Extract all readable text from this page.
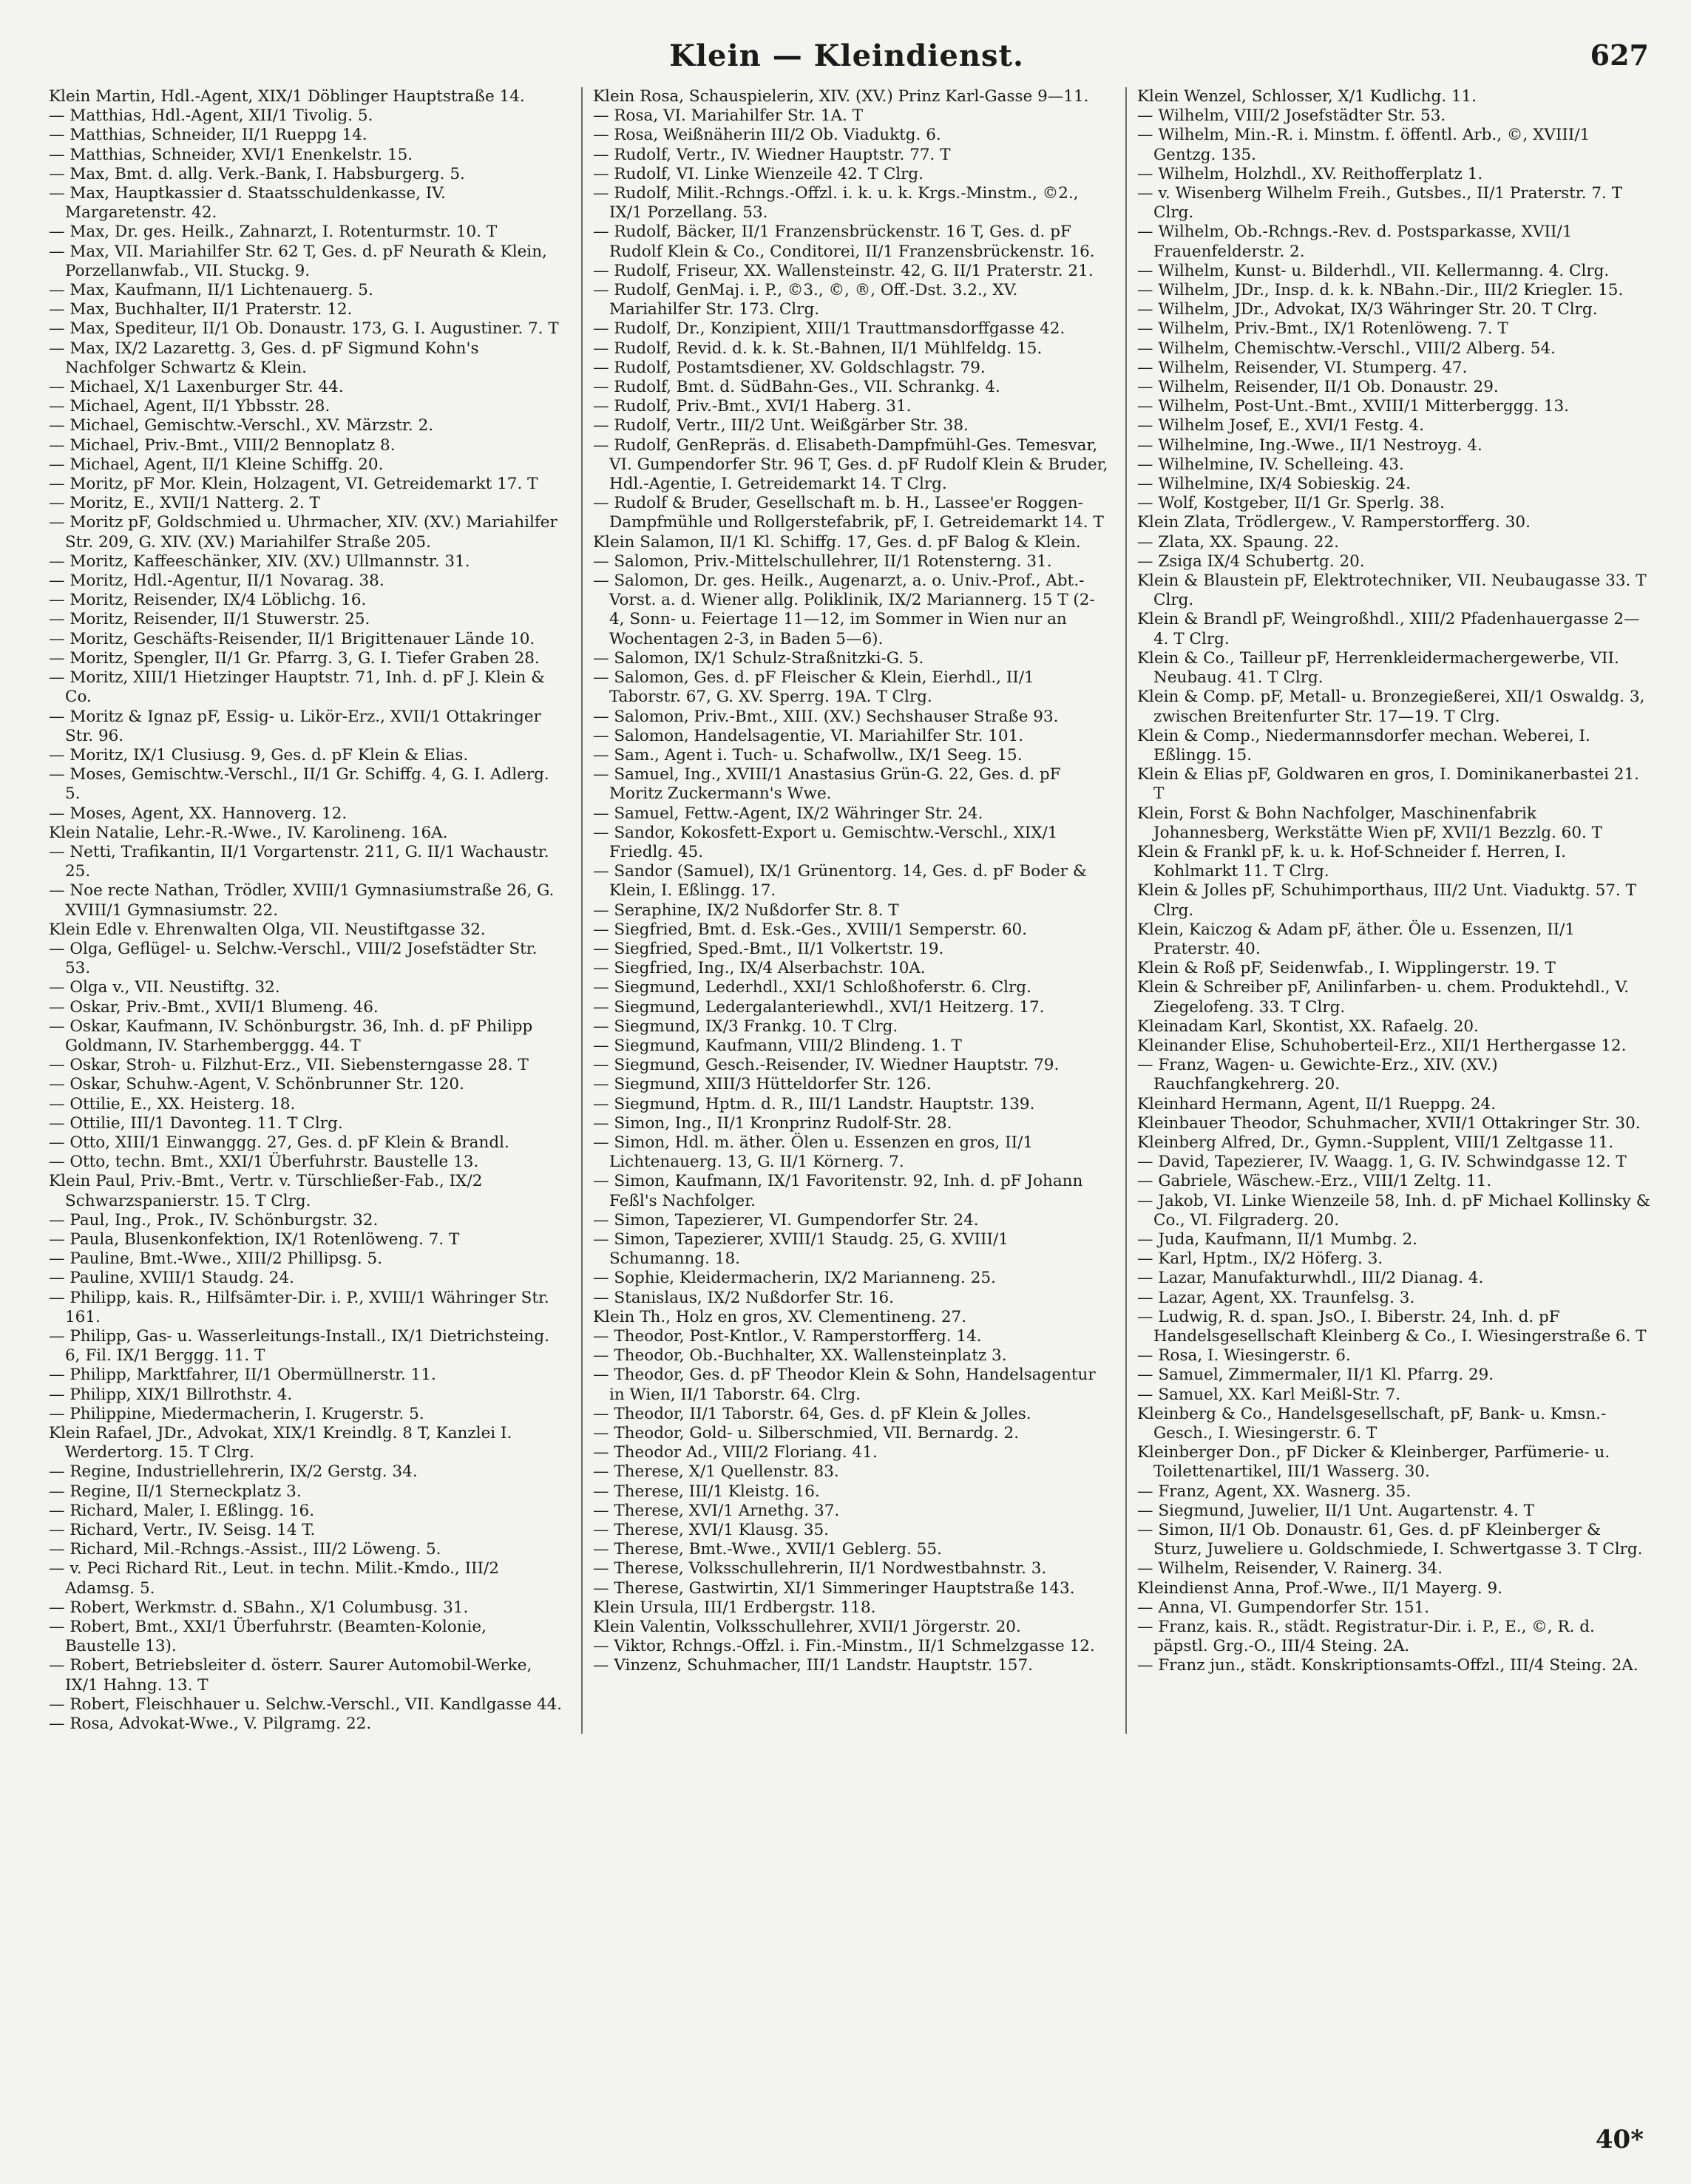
Klein — Kleindienst.	627
Klein Martin, Hdl.-Agent, XIX/1 Döblinger Hauptstraße 14.
— Matthias, Hdl.-Agent, XII/1 Tivolig. 5.
— Matthias, Schneider, II/1 Rueppg 14.
— Matthias, Schneider, XVI/1 Enenkelstr. 15.
— Max, Bmt. d. allg. Verk.-Bank, I. Habsburgerg. 5.
— Max, Hauptkassier d. Staatsschuldenkasse, IV. Margaretenstr. 42.
— Max, Dr. ges. Heilk., Zahnarzt, I. Rotenturmstr. 10. T
— Max, VII. Mariahilfer Str. 62 T, Ges. d. pF Neurath & Klein, Porzellanwfab., VII. Stuckg. 9.
— Max, Kaufmann, II/1 Lichtenauerg. 5.
— Max, Buchhalter, II/1 Praterstr. 12.
— Max, Spediteur, II/1 Ob. Donaustr. 173, G. I. Augustiner. 7. T
— Max, IX/2 Lazarettg. 3, Ges. d. pF Sigmund Kohn's Nachfolger Schwartz & Klein.
— Michael, X/1 Laxenburger Str. 44.
— Michael, Agent, II/1 Ybbsstr. 28.
— Michael, Gemischtw.-Verschl., XV. Märzstr. 2.
— Michael, Priv.-Bmt., VIII/2 Bennoplatz 8.
— Michael, Agent, II/1 Kleine Schiffg. 20.
— Moritz, pF Mor. Klein, Holzagent, VI. Getreidemarkt 17. T
— Moritz, E., XVII/1 Natterg. 2. T
— Moritz pF, Goldschmied u. Uhrmacher, XIV. (XV.) Mariahilfer Str. 209, G. XIV. (XV.) Mariahilfer Straße 205.
— Moritz, Kaffeeschänker, XIV. (XV.) Ullmannstr. 31.
— Moritz, Hdl.-Agentur, II/1 Novarag. 38.
— Moritz, Reisender, IX/4 Löblichg. 16.
— Moritz, Reisender, II/1 Stuwerstr. 25.
— Moritz, Geschäfts-Reisender, II/1 Brigittenauer Lände 10.
— Moritz, Spengler, II/1 Gr. Pfarrg. 3, G. I. Tiefer Graben 28.
— Moritz, XIII/1 Hietzinger Hauptstr. 71, Inh. d. pF J. Klein & Co.
— Moritz & Ignaz pF, Essig- u. Likör-Erz., XVII/1 Ottakringer Str. 96.
— Moritz, IX/1 Clusiusg. 9, Ges. d. pF Klein & Elias.
— Moses, Gemischtw.-Verschl., II/1 Gr. Schiffg. 4, G. I. Adlerg. 5.
— Moses, Agent, XX. Hannoverg. 12.
Klein Natalie, Lehr.-R.-Wwe., IV. Karolineng. 16A.
— Netti, Trafikantin, II/1 Vorgartenstr. 211, G. II/1 Wachaustr. 25.
— Noe recte Nathan, Trödler, XVIII/1 Gymnasiumstraße 26, G. XVIII/1 Gymnasiumstr. 22.
Klein Edle v. Ehrenwalten Olga, VII. Neustiftgasse 32.
— Olga, Geflügel- u. Selchw.-Verschl., VIII/2 Josefstädter Str. 53.
— Olga v., VII. Neustiftg. 32.
— Oskar, Priv.-Bmt., XVII/1 Blumeng. 46.
— Oskar, Kaufmann, IV. Schönburgstr. 36, Inh. d. pF Philipp Goldmann, IV. Starhemberggg. 44. T
— Oskar, Stroh- u. Filzhut-Erz., VII. Siebensterngasse 28. T
— Oskar, Schuhw.-Agent, V. Schönbrunner Str. 120.
— Ottilie, E., XX. Heisterg. 18.
— Ottilie, III/1 Davonteg. 11. T Clrg.
— Otto, XIII/1 Einwanggg. 27, Ges. d. pF Klein & Brandl.
— Otto, techn. Bmt., XXI/1 Überfuhrstr. Baustelle 13.
Klein Paul, Priv.-Bmt., Vertr. v. Türschließer-Fab., IX/2 Schwarzspanierstr. 15. T Clrg.
— Paul, Ing., Prok., IV. Schönburgstr. 32.
— Paula, Blusenkonfektion, IX/1 Rotenlöweng. 7. T
— Pauline, Bmt.-Wwe., XIII/2 Phillipsg. 5.
— Pauline, XVIII/1 Staudg. 24.
— Philipp, kais. R., Hilfsämter-Dir. i. P., XVIII/1 Währinger Str. 161.
— Philipp, Gas- u. Wasserleitungs-Install., IX/1 Dietrichsteing. 6, Fil. IX/1 Berggg. 11. T
— Philipp, Marktfahrer, II/1 Obermüllnerstr. 11.
— Philipp, XIX/1 Billrothstr. 4.
— Philippine, Miedermacherin, I. Krugerstr. 5.
Klein Rafael, JDr., Advokat, XIX/1 Kreindlg. 8 T, Kanzlei I. Werdertorg. 15. T Clrg.
— Regine, Industriellehrerin, IX/2 Gerstg. 34.
— Regine, II/1 Sterneckplatz 3.
— Richard, Maler, I. Eßlingg. 16.
— Richard, Vertr., IV. Seisg. 14 T.
— Richard, Mil.-Rchngs.-Assist., III/2 Löweng. 5.
— v. Peci Richard Rit., Leut. in techn. Milit.-Kmdo., III/2 Adamsg. 5.
— Robert, Werkmstr. d. SBahn., X/1 Columbusg. 31.
— Robert, Bmt., XXI/1 Überfuhrstr. (Beamten-Kolonie, Baustelle 13).
— Robert, Betriebsleiter d. österr. Saurer Automobil-Werke, IX/1 Hahng. 13. T
— Robert, Fleischhauer u. Selchw.-Verschl., VII. Kandlgasse 44.
— Rosa, Advokat-Wwe., V. Pilgramg. 22.
Klein Rosa, Schauspielerin, XIV. (XV.) Prinz Karl-Gasse 9—11.
— Rosa, VI. Mariahilfer Str. 1A. T
— Rosa, Weißnäherin III/2 Ob. Viaduktg. 6.
— Rudolf, Vertr., IV. Wiedner Hauptstr. 77. T
— Rudolf, VI. Linke Wienzeile 42. T Clrg.
— Rudolf, Milit.-Rchngs.-Offzl. i. k. u. k. Krgs.-Minstm., ©2., IX/1 Porzellang. 53.
— Rudolf, Bäcker, II/1 Franzensbrückenstr. 16 T, Ges. d. pF Rudolf Klein & Co., Conditorei, II/1 Franzensbrückenstr. 16.
— Rudolf, Friseur, XX. Wallensteinstr. 42, G. II/1 Praterstr. 21.
— Rudolf, GenMaj. i. P., ©3., ©, ®, Off.-Dst. 3.2., XV. Mariahilfer Str. 173. Clrg.
— Rudolf, Dr., Konzipient, XIII/1 Trauttmansdorffgasse 42.
— Rudolf, Revid. d. k. k. St.-Bahnen, II/1 Mühlfeldg. 15.
— Rudolf, Postamtsdiener, XV. Goldschlagstr. 79.
— Rudolf, Bmt. d. SüdBahn-Ges., VII. Schrankg. 4.
— Rudolf, Priv.-Bmt., XVI/1 Haberg. 31.
— Rudolf, Vertr., III/2 Unt. Weißgärber Str. 38.
— Rudolf, GenRepräs. d. Elisabeth-Dampfmühl-Ges. Temesvar, VI. Gumpendorfer Str. 96 T, Ges. d. pF Rudolf Klein & Bruder, Hdl.-Agentie, I. Getreidemarkt 14. T Clrg.
— Rudolf & Bruder, Gesellschaft m. b. H., Lassee'er Roggen-Dampfmühle und Rollgerstefabrik, pF, I. Getreidemarkt 14. T
Klein Salamon, II/1 Kl. Schiffg. 17, Ges. d. pF Balog & Klein.
— Salomon, Priv.-Mittelschullehrer, II/1 Rotensterng. 31.
— Salomon, Dr. ges. Heilk., Augenarzt, a. o. Univ.-Prof., Abt.-Vorst. a. d. Wiener allg. Poliklinik, IX/2 Mariannerg. 15 T (2-4, Sonn- u. Feiertage 11—12, im Sommer in Wien nur an Wochentagen 2-3, in Baden 5—6).
— Salomon, IX/1 Schulz-Straßnitzki-G. 5.
— Salomon, Ges. d. pF Fleischer & Klein, Eierhdl., II/1 Taborstr. 67, G. XV. Sperrg. 19A. T Clrg.
— Salomon, Priv.-Bmt., XIII. (XV.) Sechshauser Straße 93.
— Salomon, Handelsagentie, VI. Mariahilfer Str. 101.
— Sam., Agent i. Tuch- u. Schafwollw., IX/1 Seeg. 15.
— Samuel, Ing., XVIII/1 Anastasius Grün-G. 22, Ges. d. pF Moritz Zuckermann's Wwe.
— Samuel, Fettw.-Agent, IX/2 Währinger Str. 24.
— Sandor, Kokosfett-Export u. Gemischtw.-Verschl., XIX/1 Friedlg. 45.
— Sandor (Samuel), IX/1 Grünentorg. 14, Ges. d. pF Boder & Klein, I. Eßlingg. 17.
— Seraphine, IX/2 Nußdorfer Str. 8. T
— Siegfried, Bmt. d. Esk.-Ges., XVIII/1 Semperstr. 60.
— Siegfried, Sped.-Bmt., II/1 Volkertstr. 19.
— Siegfried, Ing., IX/4 Alserbachstr. 10A.
— Siegmund, Lederhdl., XXI/1 Schloßhoferstr. 6. Clrg.
— Siegmund, Ledergalanteriewhdl., XVI/1 Heitzerg. 17.
— Siegmund, IX/3 Frankg. 10. T Clrg.
— Siegmund, Kaufmann, VIII/2 Blindeng. 1. T
— Siegmund, Gesch.-Reisender, IV. Wiedner Hauptstr. 79.
— Siegmund, XIII/3 Hütteldorfer Str. 126.
— Siegmund, Hptm. d. R., III/1 Landstr. Hauptstr. 139.
— Simon, Ing., II/1 Kronprinz Rudolf-Str. 28.
— Simon, Hdl. m. äther. Ölen u. Essenzen en gros, II/1 Lichtenauerg. 13, G. II/1 Körnerg. 7.
— Simon, Kaufmann, IX/1 Favoritenstr. 92, Inh. d. pF Johann Feßl's Nachfolger.
— Simon, Tapezierer, VI. Gumpendorfer Str. 24.
— Simon, Tapezierer, XVIII/1 Staudg. 25, G. XVIII/1 Schumanng. 18.
— Sophie, Kleidermacherin, IX/2 Marianneng. 25.
— Stanislaus, IX/2 Nußdorfer Str. 16.
Klein Th., Holz en gros, XV. Clementineng. 27.
— Theodor, Post-Kntlor., V. Ramperstorfferg. 14.
— Theodor, Ob.-Buchhalter, XX. Wallensteinplatz 3.
— Theodor, Ges. d. pF Theodor Klein & Sohn, Handelsagentur in Wien, II/1 Taborstr. 64. Clrg.
— Theodor, II/1 Taborstr. 64, Ges. d. pF Klein & Jolles.
— Theodor, Gold- u. Silberschmied, VII. Bernardg. 2.
— Theodor Ad., VIII/2 Floriang. 41.
— Therese, X/1 Quellenstr. 83.
— Therese, III/1 Kleistg. 16.
— Therese, XVI/1 Arnethg. 37.
— Therese, XVI/1 Klausg. 35.
— Therese, Bmt.-Wwe., XVII/1 Geblerg. 55.
— Therese, Volksschullehrerin, II/1 Nordwestbahnstr. 3.
— Therese, Gastwirtin, XI/1 Simmeringer Hauptstraße 143.
Klein Ursula, III/1 Erdbergstr. 118.
Klein Valentin, Volksschullehrer, XVII/1 Jörgerstr. 20.
— Viktor, Rchngs.-Offzl. i. Fin.-Minstm., II/1 Schmelzgasse 12.
— Vinzenz, Schuhmacher, III/1 Landstr. Hauptstr. 157.
Klein Wenzel, Schlosser, X/1 Kudlichg. 11.
— Wilhelm, VIII/2 Josefstädter Str. 53.
— Wilhelm, Min.-R. i. Minstm. f. öffentl. Arb., ©, XVIII/1 Gentzg. 135.
— Wilhelm, Holzhdl., XV. Reithofferplatz 1.
— v. Wisenberg Wilhelm Freih., Gutsbes., II/1 Praterstr. 7. T Clrg.
— Wilhelm, Ob.-Rchngs.-Rev. d. Postsparkasse, XVII/1 Frauenfelderstr. 2.
— Wilhelm, Kunst- u. Bilderhdl., VII. Kellermanng. 4. Clrg.
— Wilhelm, JDr., Insp. d. k. k. NBahn.-Dir., III/2 Kriegler. 15.
— Wilhelm, JDr., Advokat, IX/3 Währinger Str. 20. T Clrg.
— Wilhelm, Priv.-Bmt., IX/1 Rotenlöweng. 7. T
— Wilhelm, Chemischtw.-Verschl., VIII/2 Alberg. 54.
— Wilhelm, Reisender, VI. Stumperg. 47.
— Wilhelm, Reisender, II/1 Ob. Donaustr. 29.
— Wilhelm, Post-Unt.-Bmt., XVIII/1 Mitterberggg. 13.
— Wilhelm Josef, E., XVI/1 Festg. 4.
— Wilhelmine, Ing.-Wwe., II/1 Nestroyg. 4.
— Wilhelmine, IV. Schelleing. 43.
— Wilhelmine, IX/4 Sobieskig. 24.
— Wolf, Kostgeber, II/1 Gr. Sperlg. 38.
Klein Zlata, Trödlergew., V. Ramperstorfferg. 30.
— Zlata, XX. Spaung. 22.
— Zsiga IX/4 Schubertg. 20.
Klein & Blaustein pF, Elektrotechniker, VII. Neubaugasse 33. T Clrg.
Klein & Brandl pF, Weingroßhdl., XIII/2 Pfadenhauergasse 2—4. T Clrg.
Klein & Co., Tailleur pF, Herrenkleidermachergewerbe, VII. Neubaug. 41. T Clrg.
Klein & Comp. pF, Metall- u. Bronzegießerei, XII/1 Oswaldg. 3, zwischen Breitenfurter Str. 17—19. T Clrg.
Klein & Comp., Niedermannsdorfer mechan. Weberei, I. Eßlingg. 15.
Klein & Elias pF, Goldwaren en gros, I. Dominikanerbastei 21. T
Klein, Forst & Bohn Nachfolger, Maschinenfabrik Johannesberg, Werkstätte Wien pF, XVII/1 Bezzlg. 60. T
Klein & Frankl pF, k. u. k. Hof-Schneider f. Herren, I. Kohlmarkt 11. T Clrg.
Klein & Jolles pF, Schuhimporthaus, III/2 Unt. Viaduktg. 57. T Clrg.
Klein, Kaiczog & Adam pF, äther. Öle u. Essenzen, II/1 Praterstr. 40.
Klein & Roß pF, Seidenwfab., I. Wipplingerstr. 19. T
Klein & Schreiber pF, Anilinfarben- u. chem. Produktehdl., V. Ziegelofeng. 33. T Clrg.
Kleinadam Karl, Skontist, XX. Rafaelg. 20.
Kleinander Elise, Schuhoberteil-Erz., XII/1 Herthergasse 12.
— Franz, Wagen- u. Gewichte-Erz., XIV. (XV.) Rauchfangkehrerg. 20.
Kleinhard Hermann, Agent, II/1 Rueppg. 24.
Kleinbauer Theodor, Schuhmacher, XVII/1 Ottakringer Str. 30.
Kleinberg Alfred, Dr., Gymn.-Supplent, VIII/1 Zeltgasse 11.
— David, Tapezierer, IV. Waagg. 1, G. IV. Schwindgasse 12. T
— Gabriele, Wäschew.-Erz., VIII/1 Zeltg. 11.
— Jakob, VI. Linke Wienzeile 58, Inh. d. pF Michael Kollinsky & Co., VI. Filgraderg. 20.
— Juda, Kaufmann, II/1 Mumbg. 2.
— Karl, Hptm., IX/2 Höferg. 3.
— Lazar, Manufakturwhdl., III/2 Dianag. 4.
— Lazar, Agent, XX. Traunfelsg. 3.
— Ludwig, R. d. span. JsO., I. Biberstr. 24, Inh. d. pF Handelsgesellschaft Kleinberg & Co., I. Wiesingerstraße 6. T
— Rosa, I. Wiesingerstr. 6.
— Samuel, Zimmermaler, II/1 Kl. Pfarrg. 29.
— Samuel, XX. Karl Meißl-Str. 7.
Kleinberg & Co., Handelsgesellschaft, pF, Bank- u. Kmsn.-Gesch., I. Wiesingerstr. 6. T
Kleinberger Don., pF Dicker & Kleinberger, Parfümerie- u. Toilettenartikel, III/1 Wasserg. 30.
— Franz, Agent, XX. Wasnerg. 35.
— Siegmund, Juwelier, II/1 Unt. Augartenstr. 4. T
— Simon, II/1 Ob. Donaustr. 61, Ges. d. pF Kleinberger & Sturz, Juweliere u. Goldschmiede, I. Schwertgasse 3. T Clrg.
— Wilhelm, Reisender, V. Rainerg. 34.
Kleindienst Anna, Prof.-Wwe., II/1 Mayerg. 9.
— Anna, VI. Gumpendorfer Str. 151.
— Franz, kais. R., städt. Registratur-Dir. i. P., E., ©, R. d. päpstl. Grg.-O., III/4 Steing. 2A.
— Franz jun., städt. Konskriptionsamts-Offzl., III/4 Steing. 2A.
40*
